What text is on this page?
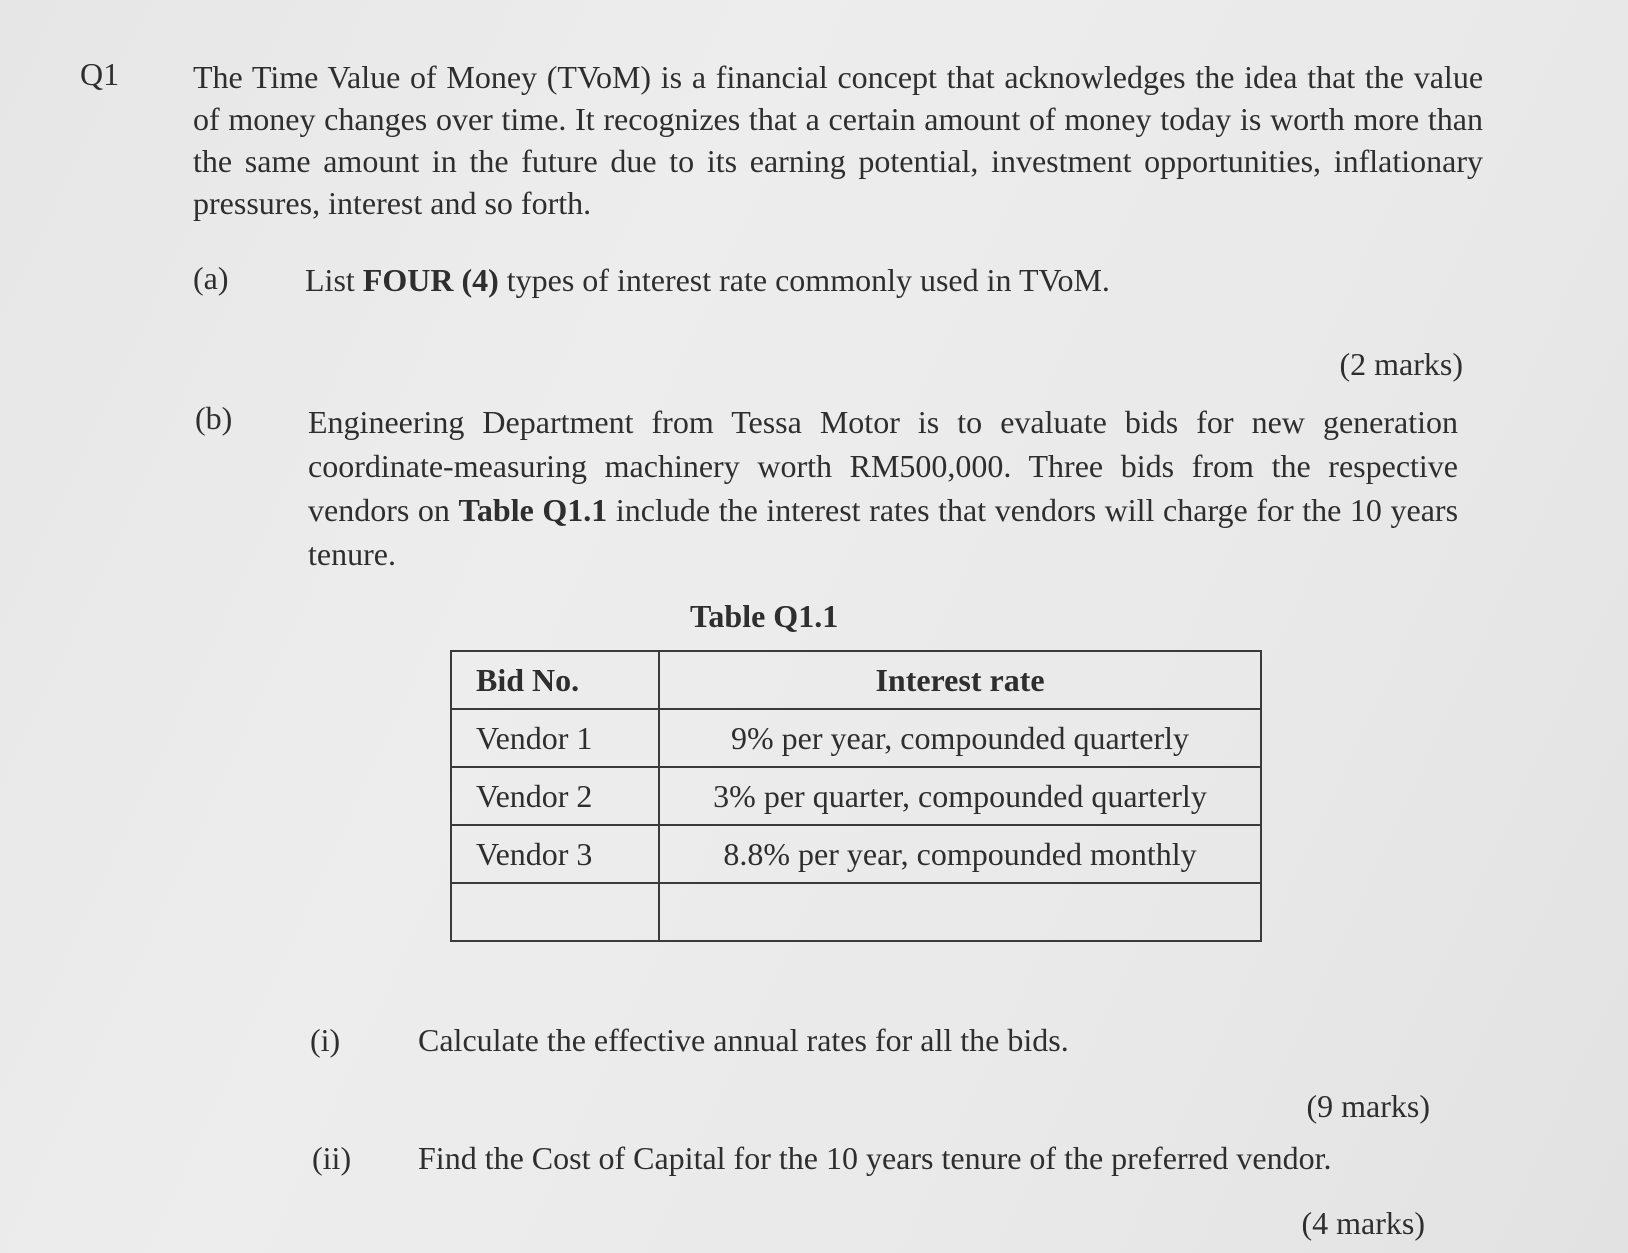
Q1 The Time Value of Money (TVoM) is a financial concept that acknowledges the idea that the value of money changes over time. It recognizes that a certain amount of money today is worth more than the same amount in the future due to its earning potential, investment opportunities, inflationary pressures, interest and so forth.
(a) List FOUR (4) types of interest rate commonly used in TVoM.
(2 marks)
(b) Engineering Department from Tessa Motor is to evaluate bids for new generation coordinate-measuring machinery worth RM500,000. Three bids from the respective vendors on Table Q1.1 include the interest rates that vendors will charge for the 10 years tenure.
Table Q1.1
Bid No.	Interest rate
Vendor 1	9% per year, compounded quarterly
Vendor 2	3% per quarter, compounded quarterly
Vendor 3	8.8% per year, compounded monthly

(i) Calculate the effective annual rates for all the bids.
(9 marks)
(ii) Find the Cost of Capital for the 10 years tenure of the preferred vendor.
(4 marks)
